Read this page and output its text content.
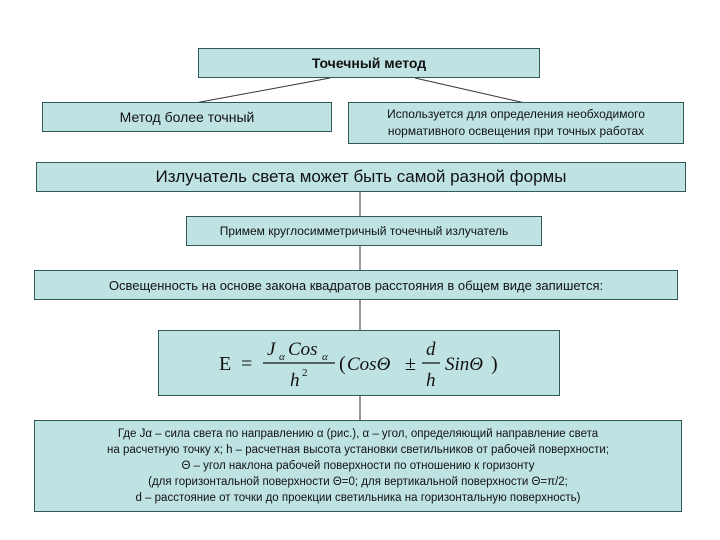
Точечный метод
Метод более точный	Используется для определения необходимого
нормативного освещения при точных работах
Излучатель света может быть самой разной формы
Примем круглосимметричный точечный излучатель
Освещенность на основе закона квадратов расстояния в общем виде запишется:
E =
J α Cos α
h 2 ( CosΘ ±
d
h
SinΘ )
Где Jα – сила света по направлению α (рис.), α – угол, определяющий направление света
на расчетную точку x; h – расчетная высота установки светильников от рабочей поверхности;
Θ – угол наклона рабочей поверхности по отношению к горизонту
(для горизонтальной поверхности Θ=0; для вертикальной поверхности Θ=π/2;
d – расстояние от точки до проекции светильника на горизонтальную поверхность)
